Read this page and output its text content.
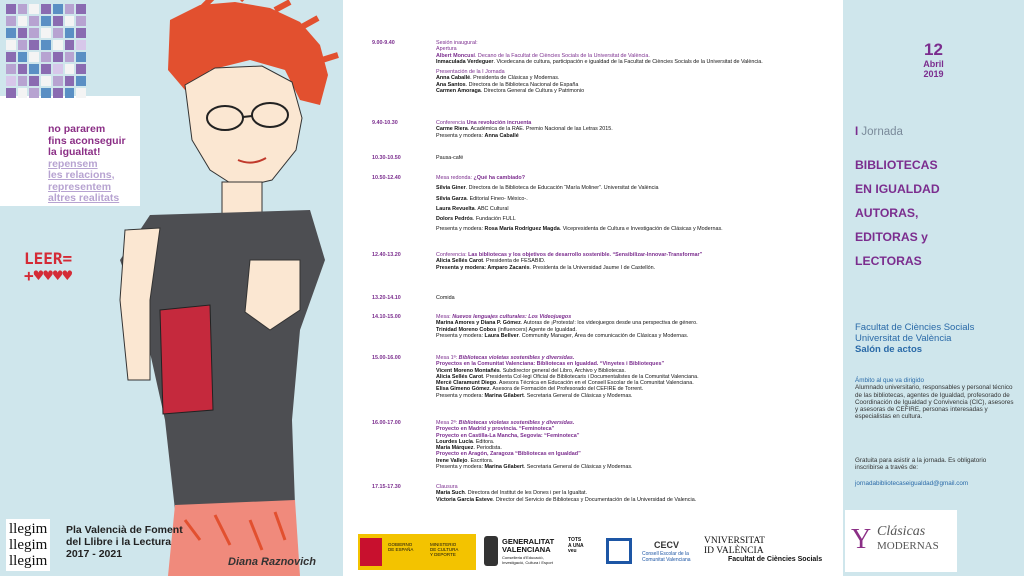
no pararem
fins aconseguir
la igualtat!
repensem
les relacions,
representem
altres realitats
LEER=
+♥♥♥♥
Diana Raznovich
llegim
llegim
llegim
Pla Valencià de Foment
del Llibre i la Lectura
2017 - 2021
9.00-9.40	Sesión inaugural:
Apertura
Albert Moncusí. Decano de la Facultat de Ciències Socials de la Universitat de València.
Inmaculada Verdeguer. Vicedecana de cultura, participación e igualdad de la Facultat de Ciències Socials de la Universitat de València.
Presentación de la I Jornada
Anna Caballé. Presidenta de Clásicas y Modernas.
Ana Santos. Directora de la Biblioteca Nacional de España
Carmen Amoraga. Directora General de Cultura y Patrimonio
9.40-10.30	Conferencia Una revolución incruenta
Carme Riera. Académica de la RAE. Premio Nacional de las Letras 2015.
Presenta y modera: Anna Caballé
10.30-10.50	Pausa-café
10.50-12.40	Mesa redonda: ¿Qué ha cambiado?
Silvia Giner. Directora de la Biblioteca de Educación “María Moliner”. Universitat de València
Silvia Garza. Editorial Fineo- México-.
Laura Revuelta. ABC Cultural
Dolors Pedrós. Fundación FULL
Presenta y modera: Rosa María Rodríguez Magda. Vicepresidenta de Cultura e Investigación de Clásicas y Modernas.
12.40-13.20	Conferencia: Las bibliotecas y los objetivos de desarrollo sostenible. “Sensibilizar-Innovar-Transformar”
Alicia Sellés Carot. Presidenta de FESABID.
Presenta y modera: Amparo Zacarés. Presidenta de la Universidad Jaume I de Castellón.
13.20-14.10	Comida
14.10-15.00	Mesa: Nuevos lenguajes culturales: Los Videojuegos
Marina Amores y Diana P. Gómez. Autoras de ¡Protesta!: los videojuegos desde una perspectiva de género.
Trinidad Moreno Cobos (influencers) Agente de Igualdad.
Presenta y modera: Laura Bellver. Community Manager, Área de comunicación de Clásicas y Modernas.
15.00-16.00	Mesa 1ª: Bibliotecas violetas sostenibles y diversidas.
Proyectos en la Comunitat Valenciana: Bibliotecas en Igualdad. “Vinyetes i Biblioteques”
Vicent Moreno Montañés. Subdirector general del Libro, Archivo y Bibliotecas.
Alicia Sellés Carot. Presidenta Col·legi Oficial de Bibliotecaris i Documentalistes de la Comunitat Valenciana.
Mercè Claramunt Diego. Asesora Técnica en Educación en el Consell Escolar de la Comunitat Valenciana.
Elisa Gimeno Gómez. Asesora de Formación del Profesorado del CEFIRE de Torrent.
Presenta y modera: Marina Gilabert. Secretaria General de Clásicas y Modernas.
16.00-17.00	Mesa 2ª: Bibliotecas violetas sostenibles y diversidas.
Proyecto en Madrid y provincia. “Feminoteca”
Proyecto en Castilla-La Mancha, Segovia: “Feminoteca”
Lourdes Lucía. Editora.
María Márquez. Periodista.
Proyecto en Aragón, Zaragoza “Bibliotecas en Igualdad”
Irene Vallejo. Escritora.
Presenta y modera: Marina Gilabert. Secretaria General de Clásicas y Modernas.
17.15-17.30	Clausura
María Such. Directora del Institut de les Dones i per la Igualtat.
Victoria García Esteve. Director del Servicio de Bibliotecas y Documentación de la Universidad de Valencia.
12
Abril
2019
I Jornada
BIBLIOTECAS
EN IGUALDAD
AUTORAS,
EDITORAS y
LECTORAS
Facultat de Ciències Socials
Universitat de València
Salón de actos
Ámbito al que va dirigido
Alumnado universitario, responsables y personal técnico de las bibliotecas, agentes de Igualdad, profesorado de Coordinación de Igualdad y Convivencia (CIC), asesores y asesoras de CEFIRE, personas interesadas y especialistas en cultura.
Gratuita para asistir a la jornada. Es obligatorio inscribirse a través de:
jornadabibliotecaseigualdad@gmail.com
Y Clásicas
MODERNAS
GOBIERNO
DE ESPAÑA
MINISTERIO
DE CULTURA
Y DEPORTE
GENERALITAT
VALENCIANA
Conselleria d'Educació,
Investigació, Cultura i Esport
TOTS
A UNA
veu
CECV
Consell Escolar de la
Comunitat Valenciana
VNIVERSITAT
ID VALÈNCIA
Facultat de Ciències Socials
